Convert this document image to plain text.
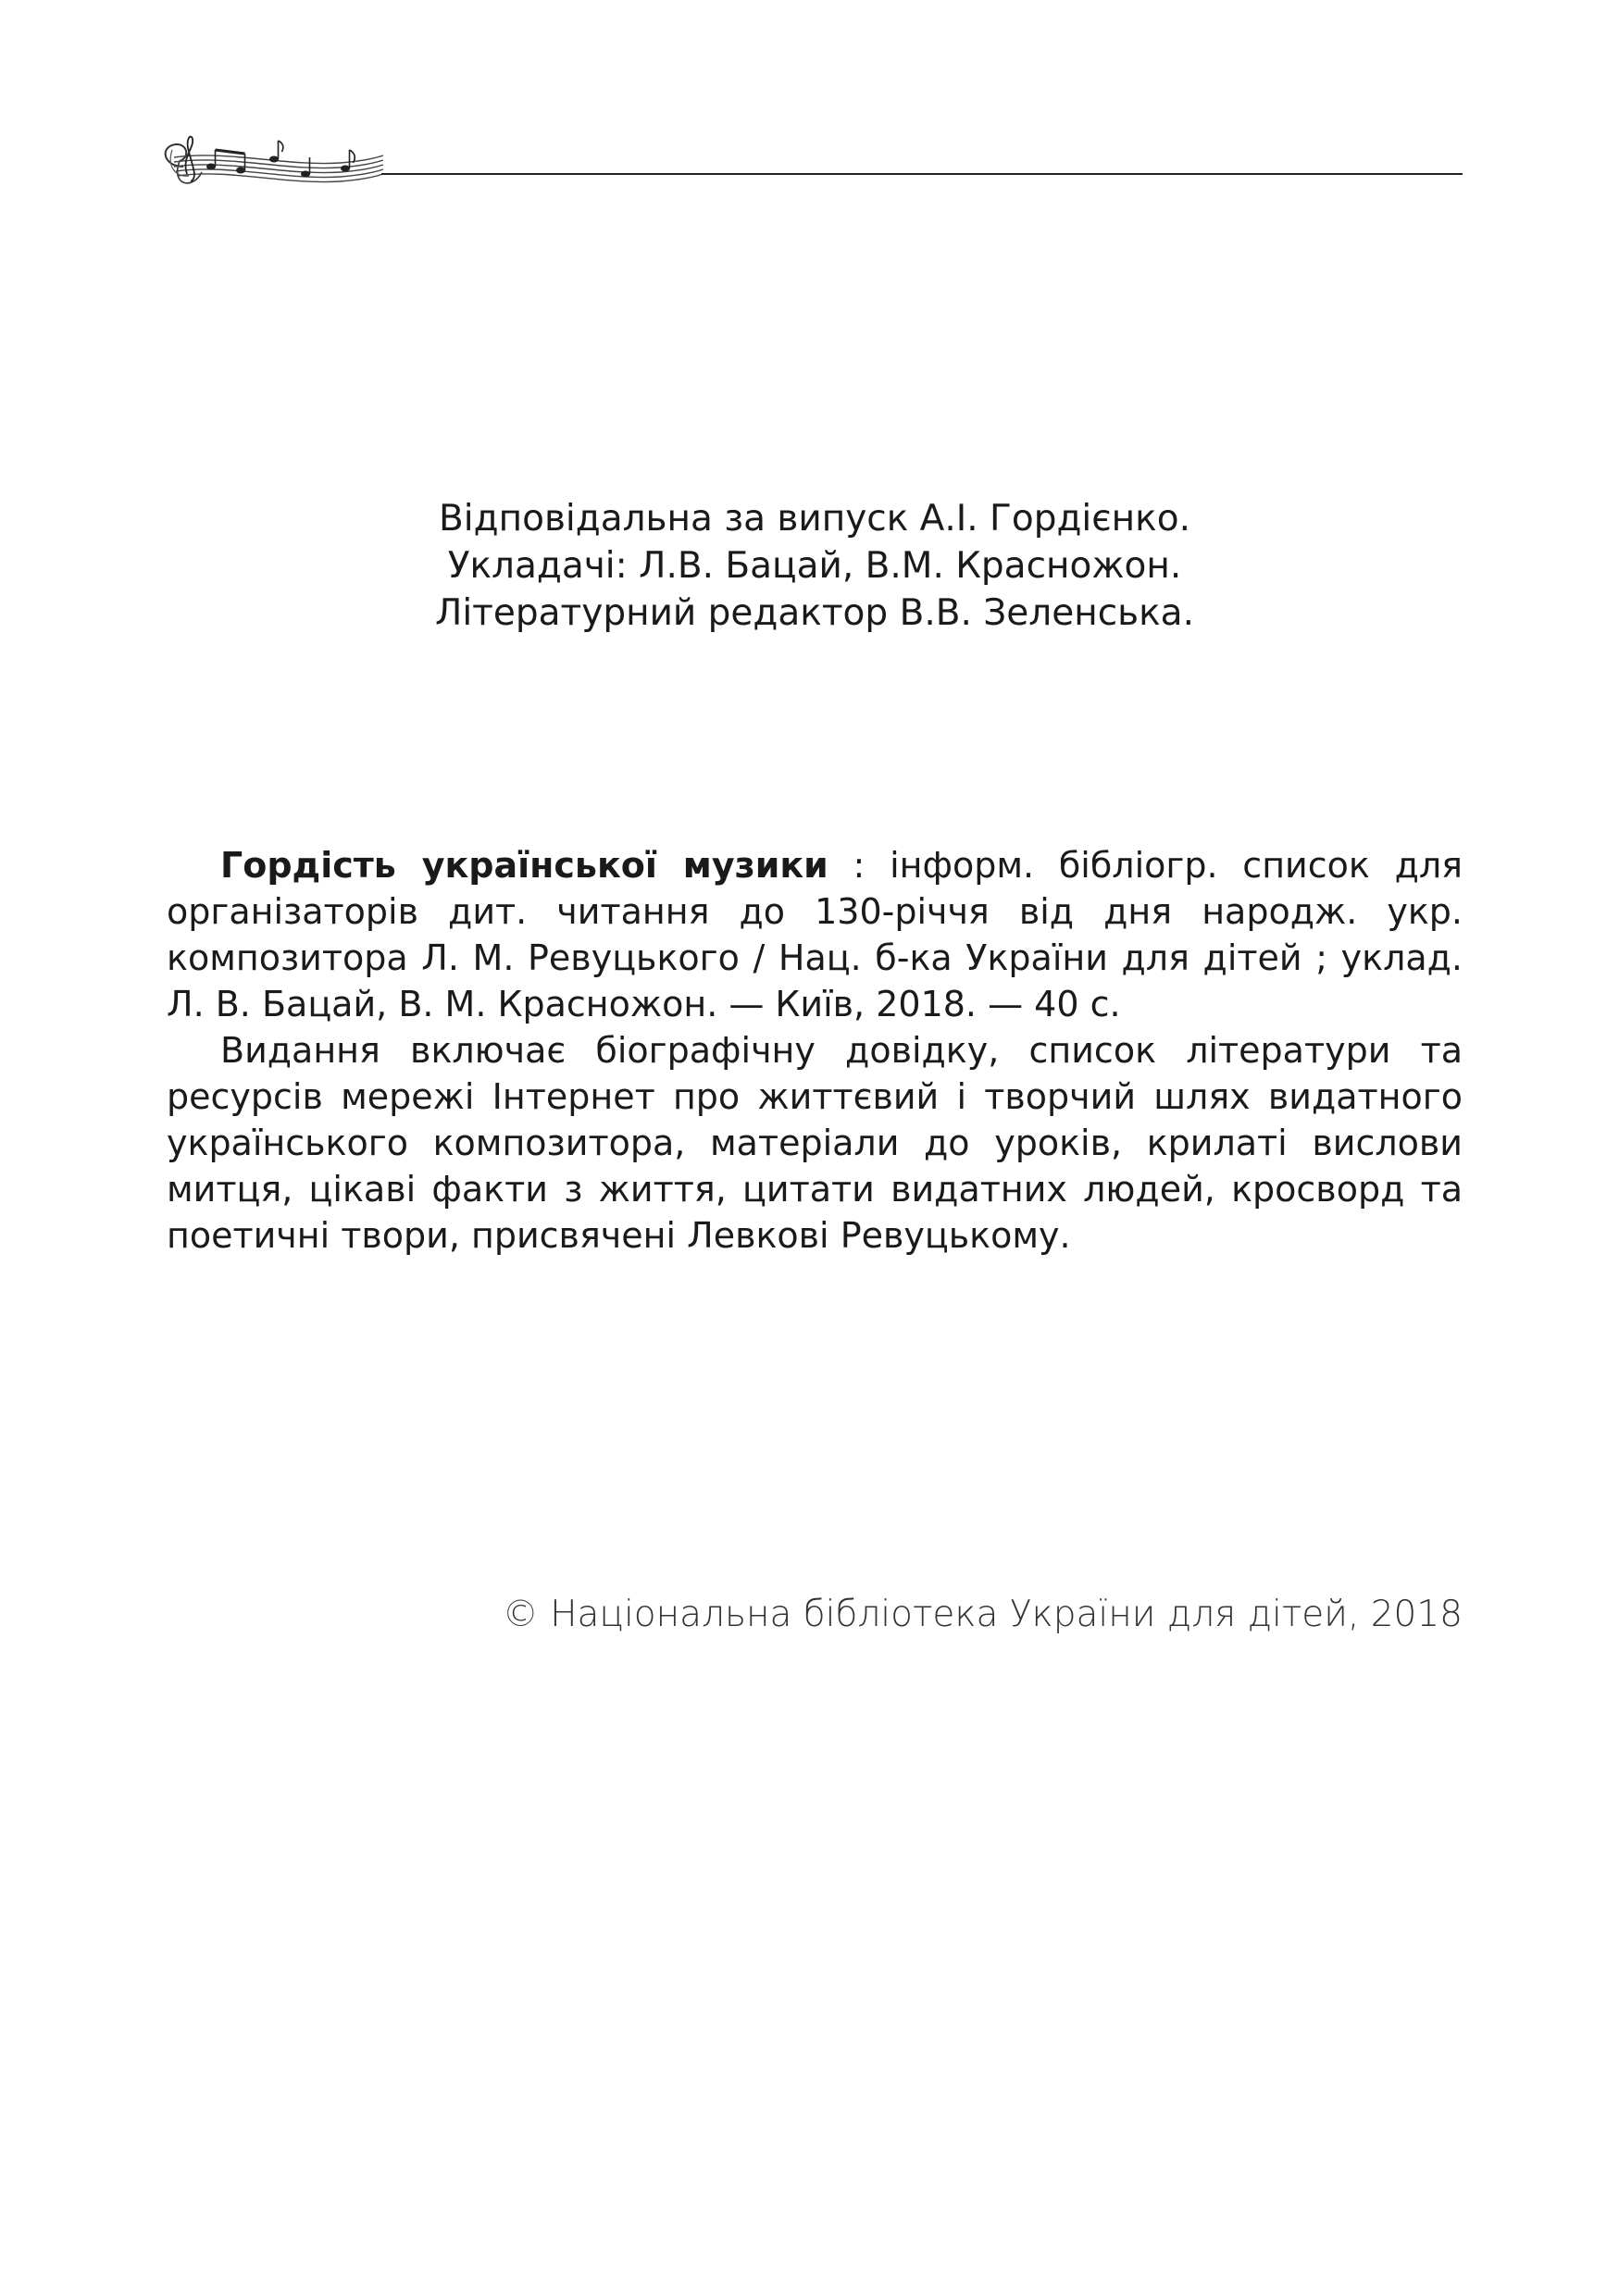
Відповідальна за випуск А.І. Гордієнко.
Укладачі: Л.В. Бацай, В.М. Красножон.
Літературний редактор В.В. Зеленська.

Гордість української музики : інформ. бібліогр. список для організаторів дит. читання до 130-річчя від дня народж. укр. композитора Л. М. Ревуцького / Нац. б-ка України для дітей ; уклад. Л. В. Бацай, В. М. Красножон. — Київ, 2018. — 40 с.

Видання включає біографічну довідку, список літератури та ресурсів мережі Інтернет про життєвий і творчий шлях видатного українського композитора, матеріали до уроків, крилаті вислови митця, цікаві факти з життя, цитати видатних людей, кросворд та поетичні твори, присвячені Левкові Ревуцькому.

© Національна бібліотека України для дітей, 2018
